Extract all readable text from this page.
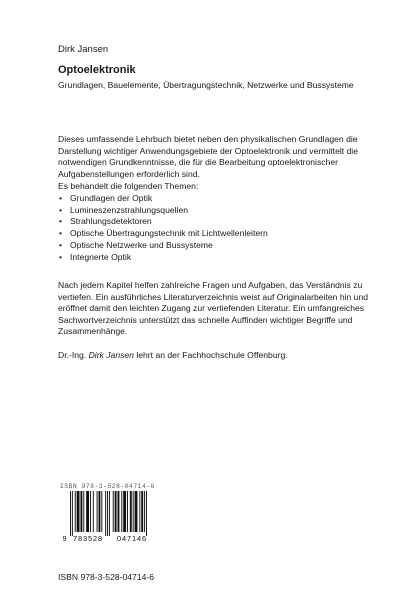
Dirk Jansen
Optoelektronik
Grundlagen, Bauelemente, Übertragungstechnik, Netzwerke und Bussysteme

Dieses umfassende Lehrbuch bietet neben den physikalischen Grundlagen die Darstellung wichtiger Anwendungsgebiete der Optoelektronik und vermittelt die notwendigen Grundkenntnisse, die für die Bearbeitung optoelektronischer Aufgabenstellungen erforderlich sind.

Es behandelt die folgenden Themen:
• Grundlagen der Optik
• Lumineszenzstrahlungsquellen
• Strahlungsdetektoren
• Optische Übertragungstechnik mit Lichtwellenleitern
• Optische Netzwerke und Bussysteme
• Integrierte Optik

Nach jedem Kapitel helfen zahlreiche Fragen und Aufgaben, das Verständnis zu vertiefen. Ein ausführliches Literaturverzeichnis weist auf Originalarbeiten hin und eröffnet damit den leichten Zugang zur vertiefenden Literatur. Ein umfangreiches Sachwortverzeichnis unterstützt das schnelle Auffinden wichtiger Begriffe und Zusammenhänge.

Dr.-Ing. Dirk Jansen lehrt an der Fachhochschule Offenburg.

ISBN 978-3-528-04714-6
9 783528 047146
ISBN 978-3-528-04714-6
